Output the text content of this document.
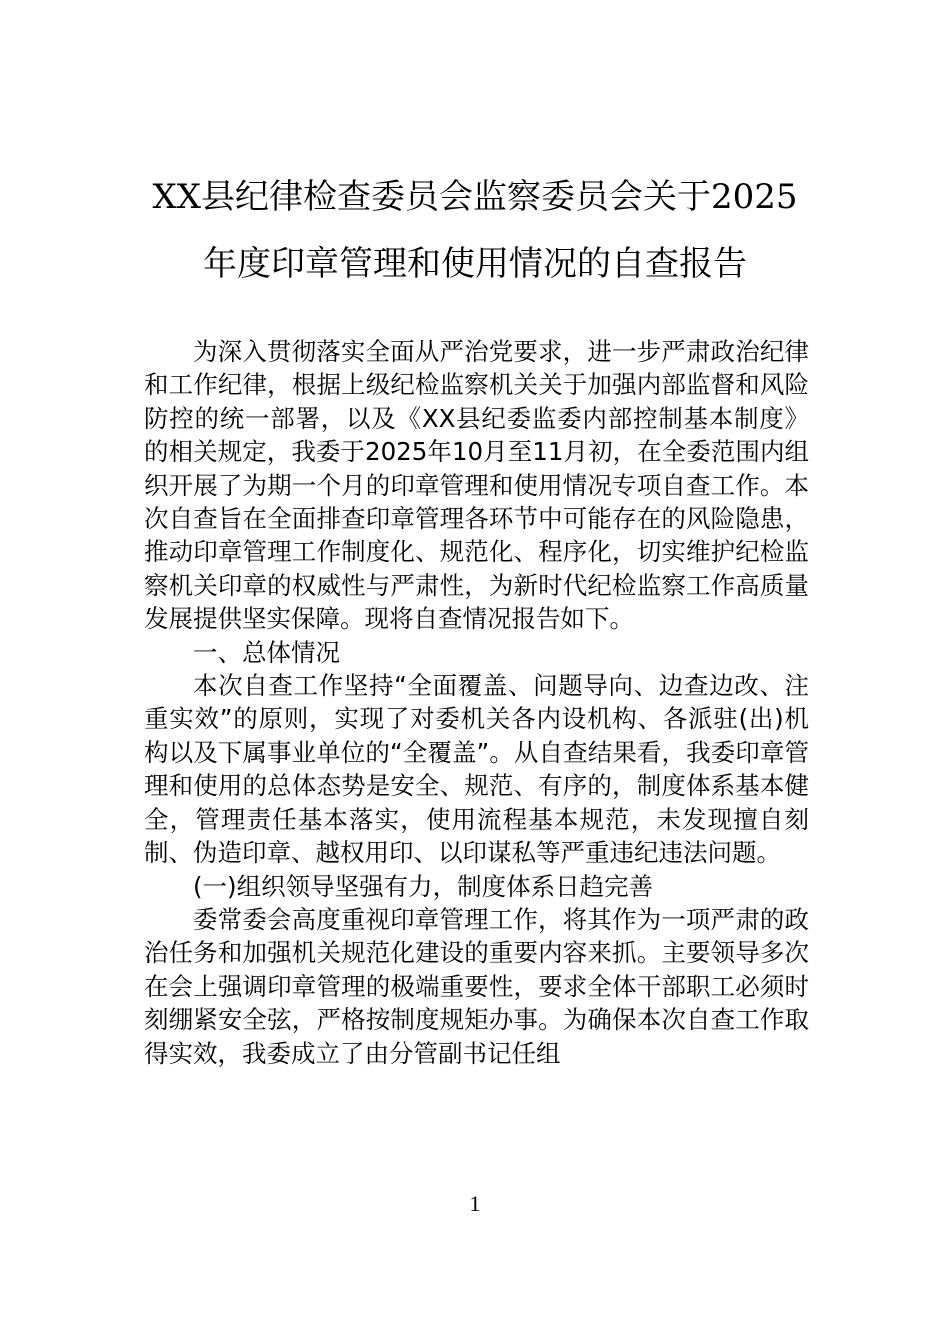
XX县纪律检查委员会监察委员会关于2025
年度印章管理和使用情况的自查报告

为深入贯彻落实全面从严治党要求，进一步严肃政治纪律和工作纪律，根据上级纪检监察机关关于加强内部监督和风险防控的统一部署，以及《XX县纪委监委内部控制基本制度》的相关规定，我委于2025年10月至11月初，在全委范围内组织开展了为期一个月的印章管理和使用情况专项自查工作。本次自查旨在全面排查印章管理各环节中可能存在的风险隐患，推动印章管理工作制度化、规范化、程序化，切实维护纪检监察机关印章的权威性与严肃性，为新时代纪检监察工作高质量发展提供坚实保障。现将自查情况报告如下。

一、总体情况

本次自查工作坚持“全面覆盖、问题导向、边查边改、注重实效”的原则，实现了对委机关各内设机构、各派驻(出)机构以及下属事业单位的“全覆盖”。从自查结果看，我委印章管理和使用的总体态势是安全、规范、有序的，制度体系基本健全，管理责任基本落实，使用流程基本规范，未发现擅自刻制、伪造印章、越权用印、以印谋私等严重违纪违法问题。

(一)组织领导坚强有力，制度体系日趋完善

委常委会高度重视印章管理工作，将其作为一项严肃的政治任务和加强机关规范化建设的重要内容来抓。主要领导多次在会上强调印章管理的极端重要性，要求全体干部职工必须时刻绷紧安全弦，严格按制度规矩办事。为确保本次自查工作取得实效，我委成立了由分管副书记任组

1
